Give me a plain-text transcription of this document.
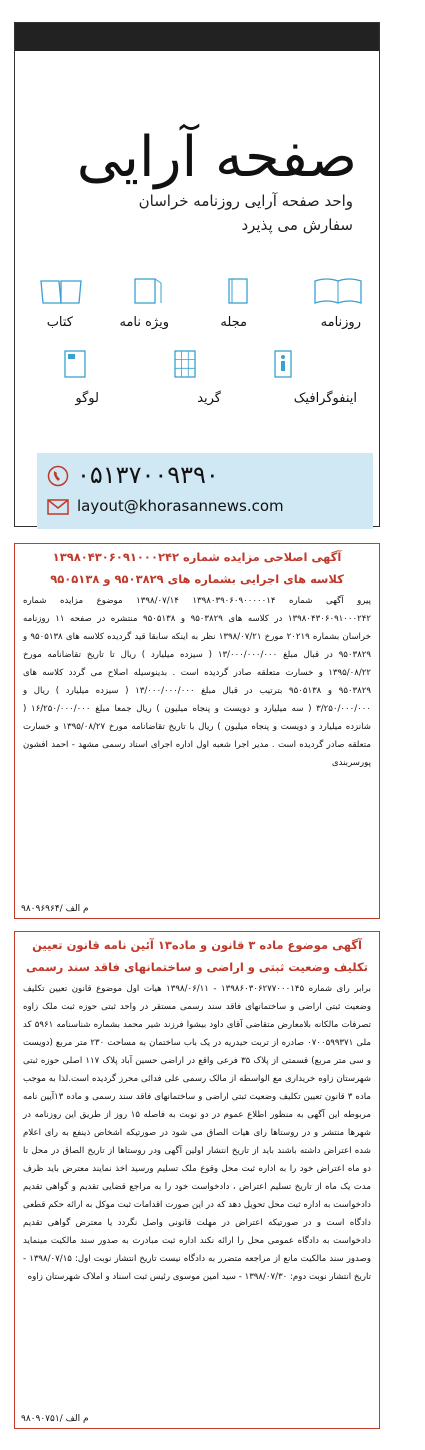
صفحه آرایی
واحد صفحه آرایی روزنامه خراسان
سفارش می پذیرد
روزنامه
مجله
ویژه نامه
کتاب
اینفوگرافیک
گرید
لوگو
۰۵۱۳۷۰۰۹۳۹۰
layout@khorasannews.com
آگهی اصلاحی مزایده شماره ۱۳۹۸۰۴۳۰۶۰۹۱۰۰۰۲۴۲
کلاسه های اجرایی بشماره های ۹۵۰۳۸۲۹ و ۹۵۰۵۱۳۸
پیرو آگهی شماره ۱۳۹۸۰۳۹۰۶۰۹۰۰۰۰۰۱۴ ۱۳۹۸/۰۷/۱۴ موضوع مزایده شماره ۱۳۹۸۰۴۳۰۶۰۹۱۰۰۰۲۴۲ در کلاسه های ۹۵۰۳۸۲۹ و ۹۵۰۵۱۳۸ منتشره در صفحه ۱۱ روزنامه خراسان بشماره ۲۰۲۱۹ مورخ ۱۳۹۸/۰۷/۲۱ نظر به اینکه سابقا قید گردیده کلاسه های ۹۵۰۵۱۳۸ و ۹۵۰۳۸۲۹ در قبال مبلغ ۱۳/۰۰۰/۰۰۰/۰۰۰ ( سیزده میلیارد ) ریال تا تاریخ تقاضانامه مورخ ۱۳۹۵/۰۸/۲۲ و خسارت متعلقه صادر گردیده است . بدینوسیله اصلاح می گردد کلاسه های ۹۵۰۳۸۲۹ و ۹۵۰۵۱۳۸ بترتیب در قبال مبلغ ۱۳/۰۰۰/۰۰۰/۰۰۰ ( سیزده میلیارد ) ریال و ۳/۲۵۰/۰۰۰/۰۰۰ ( سه میلیارد و دویست و پنجاه میلیون ) ریال جمعا مبلغ ۱۶/۲۵۰/۰۰۰/۰۰۰ ( شانزده میلیارد و دویست و پنجاه میلیون ) ریال با تاریخ تقاضانامه مورخ ۱۳۹۵/۰۸/۲۷ و خسارت متعلقه صادر گردیده است . مدیر اجرا شعبه اول اداره اجرای اسناد رسمی مشهد - احمد افشون پورسربندی
۹۸۰۹۶۹۶۴/ م الف
آگهی موضوع ماده ۳ قانون و ماده۱۳ آئین نامه قانون تعیین
تکلیف وضعیت ثبتی و اراضی و ساختمانهای فاقد سند رسمی
برابر رای شماره ۱۳۹۸۶۰۳۰۶۲۷۷۰۰۰۱۴۵ - ۱۳۹۸/۰۶/۱۱ هیات اول موضوع قانون تعیین تکلیف وضعیت ثبتی اراضی و ساختمانهای فاقد سند رسمی مستقر در واحد ثبتی حوزه ثبت ملک زاوه تصرفات مالکانه بلامعارض متقاضی آقای داود بیشوا فرزند شیر محمد بشماره شناسنامه ۵۹۶۱ کد ملی ۰۷۰۰۵۹۹۳۷۱ صادره از تربت حیدریه در یک باب ساختمان به مساحت ۲۳۰ متر مربع (دویست و سی متر مربع) قسمتی از پلاک ۳۵ فرعی واقع در اراضی حسین آباد پلاک ۱۱۷ اصلی حوزه ثبتی شهرستان زاوه خریداری مع الواسطه از مالک رسمی علی فدائی محرز گردیده است.لذا به موجب ماده ۳ قانون تعیین تکلیف وضعیت ثبتی اراضی و ساختمانهای فاقد سند رسمی و ماده ۱۳آیین نامه مربوطه این آگهی به منظور اطلاع عموم در دو نوبت به فاصله ۱۵ روز از طریق این روزنامه در شهرها منتشر و در روستاها رای هیات الصاق می شود در صورتیکه اشخاص ذینفع به رای اعلام شده اعتراض داشته باشند باید از تاریخ انتشار اولین آگهی ودر روستاها از تاریخ الصاق در محل تا دو ماه اعتراض خود را به اداره ثبت محل وقوع ملک تسلیم ورسید اخذ نمایند معترض باید ظرف مدت یک ماه از تاریخ تسلیم اعتراض ، دادخواست خود را به مراجع قضایی تقدیم و گواهی تقدیم دادخواست به اداره ثبت محل تحویل دهد که در این صورت اقدامات ثبت موکل به ارائه حکم قطعی دادگاه است و در صورتیکه اعتراض در مهلت قانونی واصل نگردد یا معترض گواهی تقدیم دادخواست به دادگاه عمومی محل را ارائه نکند اداره ثبت مبادرت به صدور سند مالکیت مینماید وصدور سند مالکیت مانع از مراجعه متضرر به دادگاه نیست تاریخ انتشار نوبت اول: ۱۳۹۸/۰۷/۱۵ - تاریخ انتشار نوبت دوم: ۱۳۹۸/۰۷/۳۰ - سید امین موسوی رئیس ثبت اسناد و املاک شهرستان زاوه
۹۸۰۹۰۷۵۱/ م الف
